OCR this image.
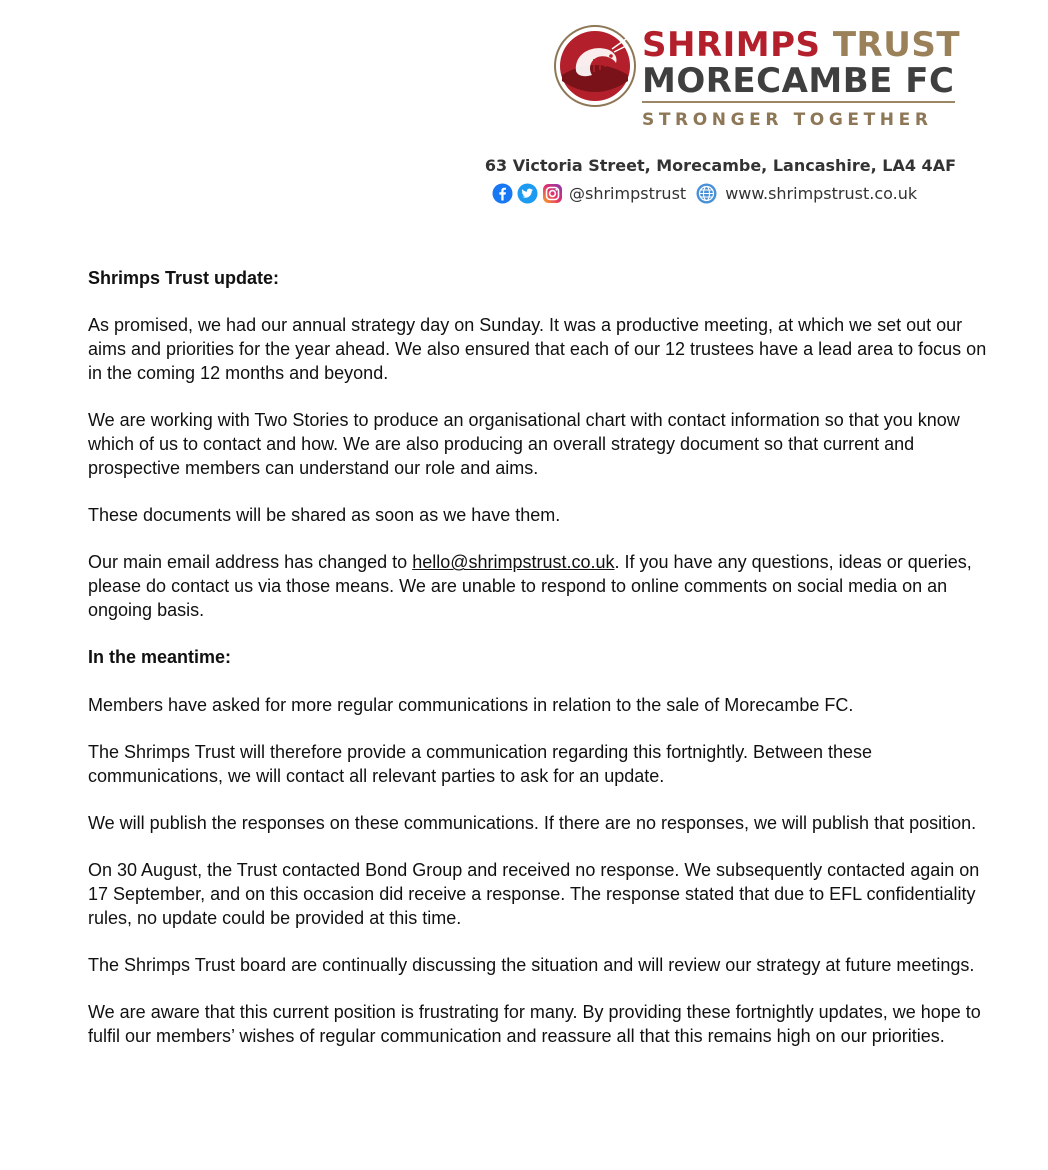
SHRIMPS TRUST
MORECAMBE FC
STRONGER TOGETHER
63 Victoria Street, Morecambe, Lancashire, LA4 4AF
@shrimpstrust www.shrimpstrust.co.uk

Shrimps Trust update:

As promised, we had our annual strategy day on Sunday. It was a productive meeting, at which we set out our aims and priorities for the year ahead. We also ensured that each of our 12 trustees have a lead area to focus on in the coming 12 months and beyond.

We are working with Two Stories to produce an organisational chart with contact information so that you know which of us to contact and how. We are also producing an overall strategy document so that current and prospective members can understand our role and aims.

These documents will be shared as soon as we have them.

Our main email address has changed to hello@shrimpstrust.co.uk. If you have any questions, ideas or queries, please do contact us via those means. We are unable to respond to online comments on social media on an ongoing basis.

In the meantime:

Members have asked for more regular communications in relation to the sale of Morecambe FC.

The Shrimps Trust will therefore provide a communication regarding this fortnightly. Between these communications, we will contact all relevant parties to ask for an update.

We will publish the responses on these communications. If there are no responses, we will publish that position.

On 30 August, the Trust contacted Bond Group and received no response. We subsequently contacted again on 17 September, and on this occasion did receive a response. The response stated that due to EFL confidentiality rules, no update could be provided at this time.

The Shrimps Trust board are continually discussing the situation and will review our strategy at future meetings.

We are aware that this current position is frustrating for many. By providing these fortnightly updates, we hope to fulfil our members’ wishes of regular communication and reassure all that this remains high on our priorities.
